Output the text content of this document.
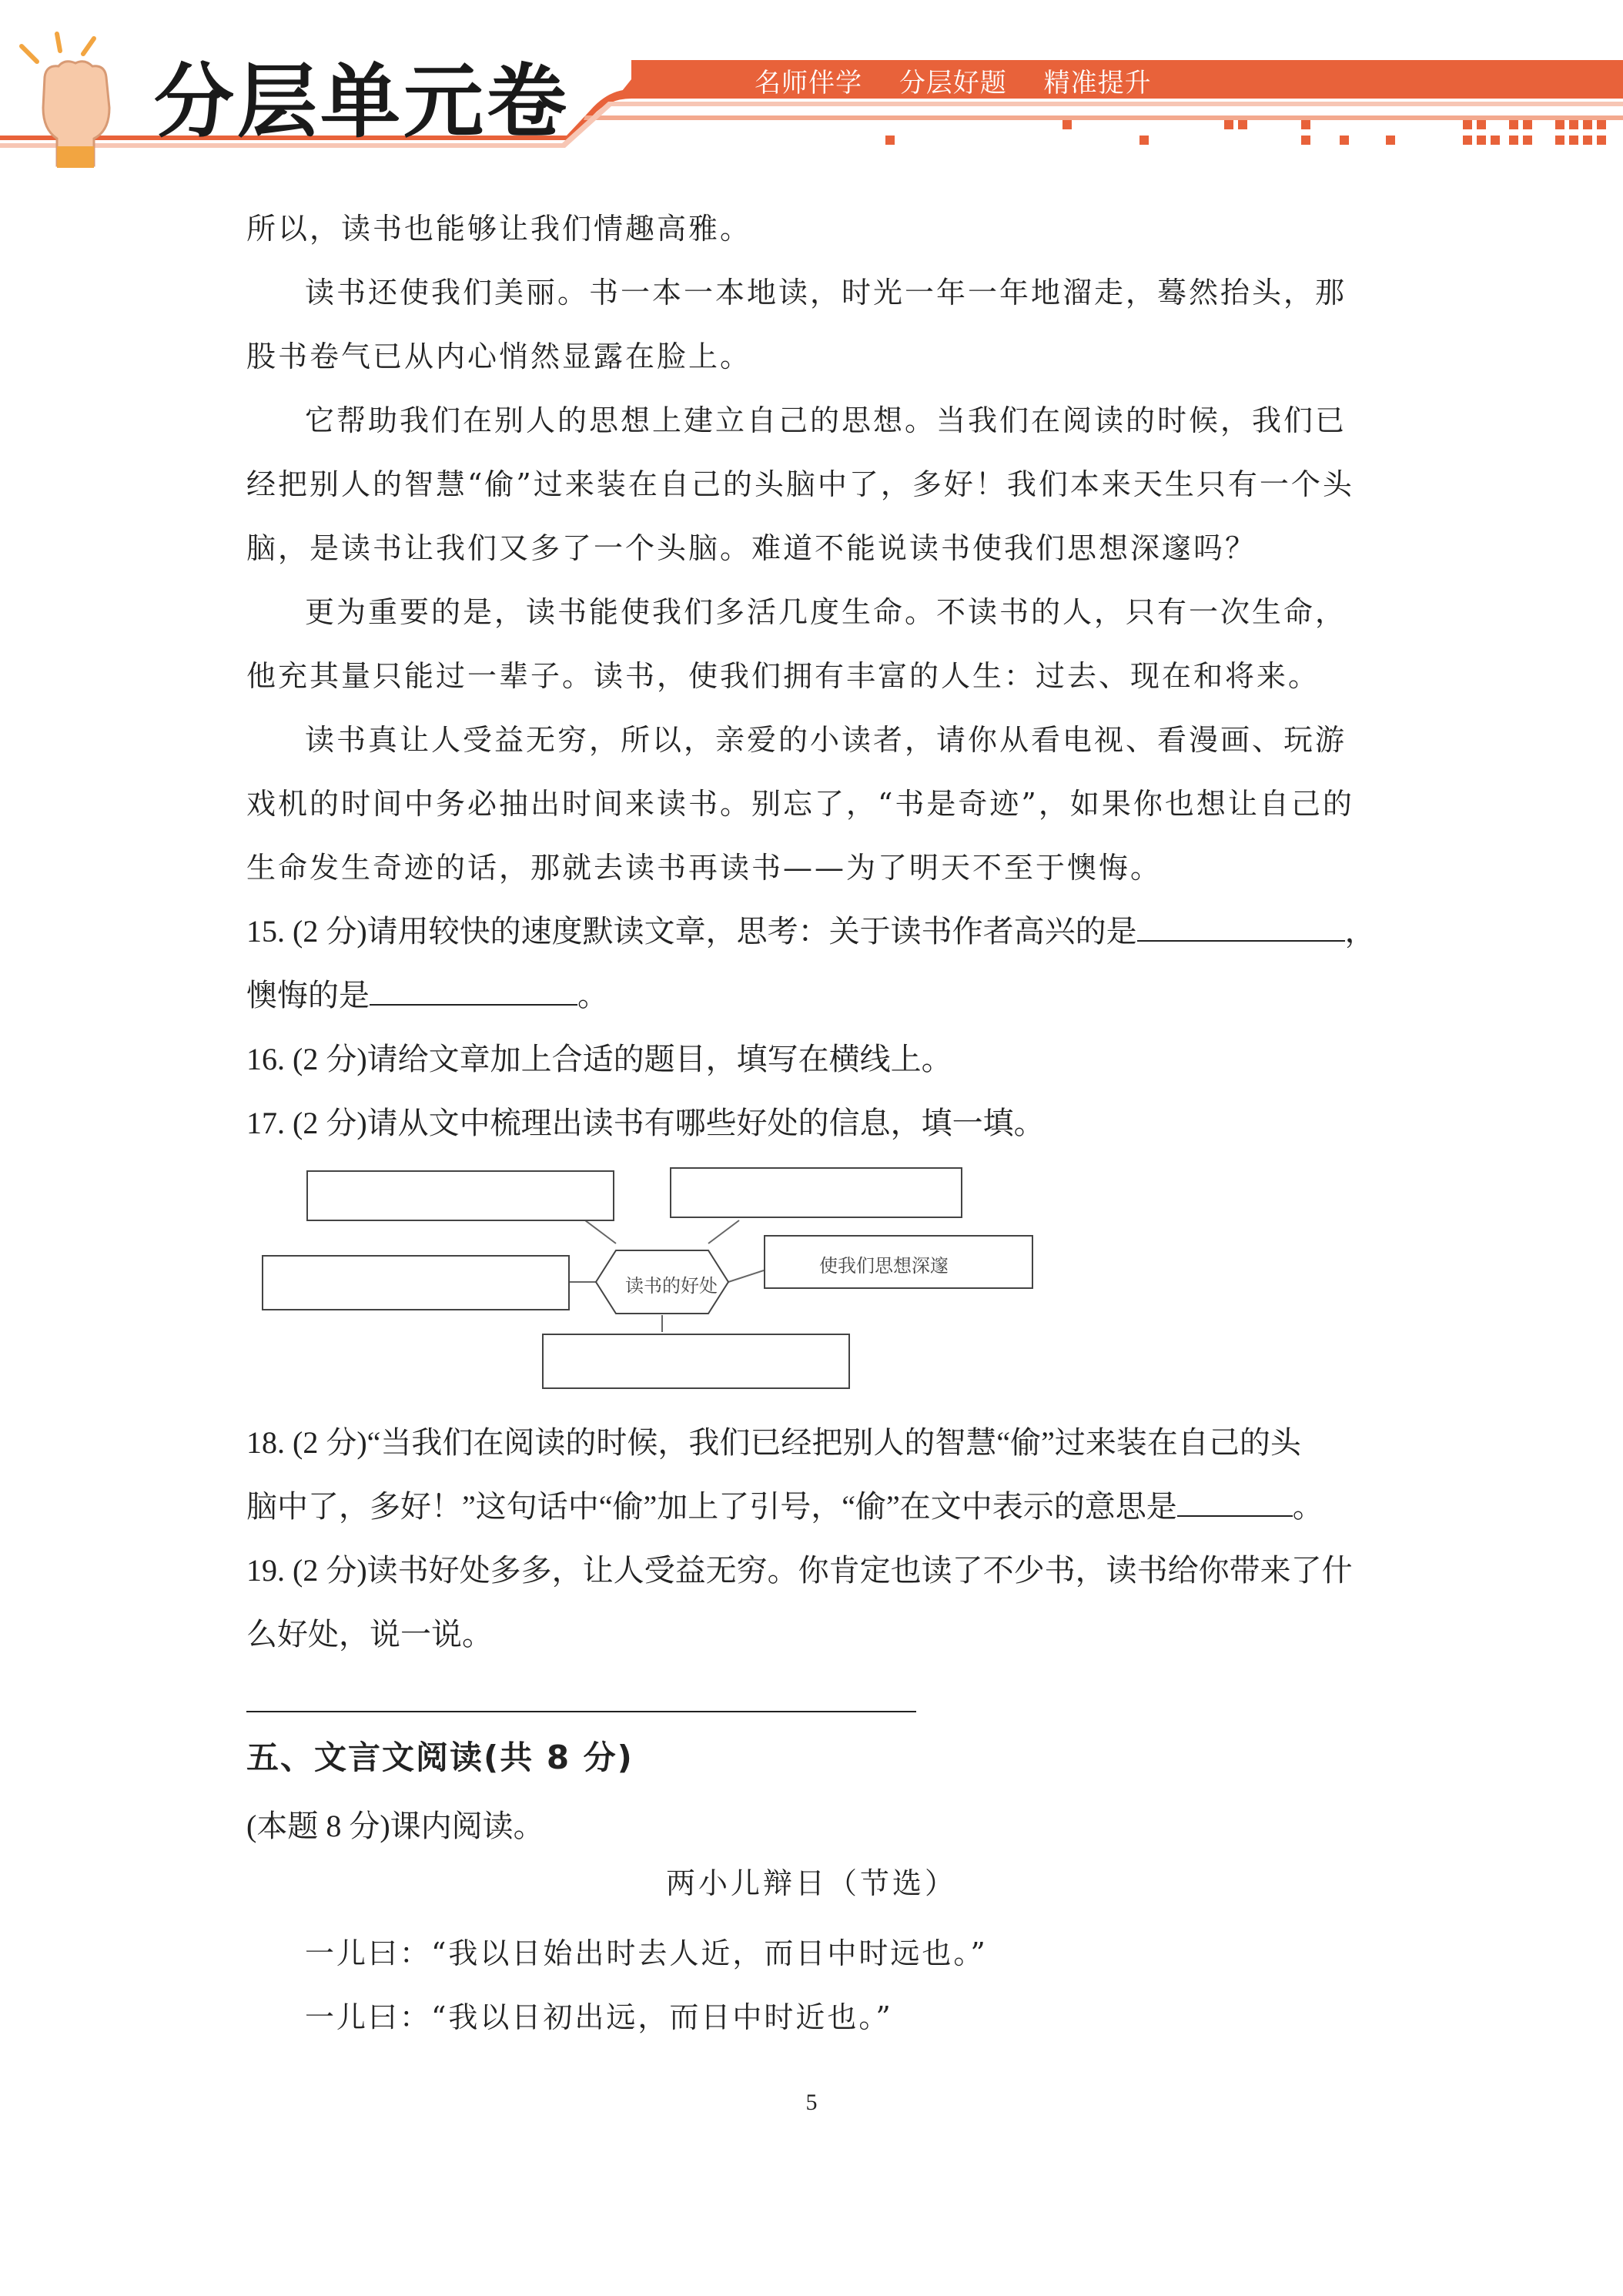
分层单元卷	名师伴学 分层好题 精准提升

所以，读书也能够让我们情趣高雅。

读书还使我们美丽。书一本一本地读，时光一年一年地溜走，蓦然抬头，那股书卷气已从内心悄然显露在脸上。

它帮助我们在别人的思想上建立自己的思想。当我们在阅读的时候，我们已经把别人的智慧“偷”过来装在自己的头脑中了，多好！我们本来天生只有一个头脑，是读书让我们又多了一个头脑。难道不能说读书使我们思想深邃吗？

更为重要的是，读书能使我们多活几度生命。不读书的人，只有一次生命，他充其量只能过一辈子。读书，使我们拥有丰富的人生：过去、现在和将来。

读书真让人受益无穷，所以，亲爱的小读者，请你从看电视、看漫画、玩游戏机的时间中务必抽出时间来读书。别忘了，“书是奇迹”，如果你也想让自己的生命发生奇迹的话，那就去读书再读书——为了明天不至于懊悔。

15. (2 分)请用较快的速度默读文章，思考：关于读书作者高兴的是	，
懊悔的是	。

16. (2 分)请给文章加上合适的题目，填写在横线上。

17. (2 分)请从文中梳理出读书有哪些好处的信息，填一填。

使我们思想深邃
读书的好处

18. (2 分)“当我们在阅读的时候，我们已经把别人的智慧“偷”过来装在自己的头
脑中了，多好！”这句话中“偷”加上了引号，“偷”在文中表示的意思是	。

19. (2 分)读书好处多多，让人受益无穷。你肯定也读了不少书，读书给你带来了什么好处，说一说。

五、文言文阅读(共 8 分)

(本题 8 分)课内阅读。

两小儿辩日（节选）

一儿曰：“我以日始出时去人近，而日中时远也。”

一儿曰：“我以日初出远，而日中时近也。”

5
